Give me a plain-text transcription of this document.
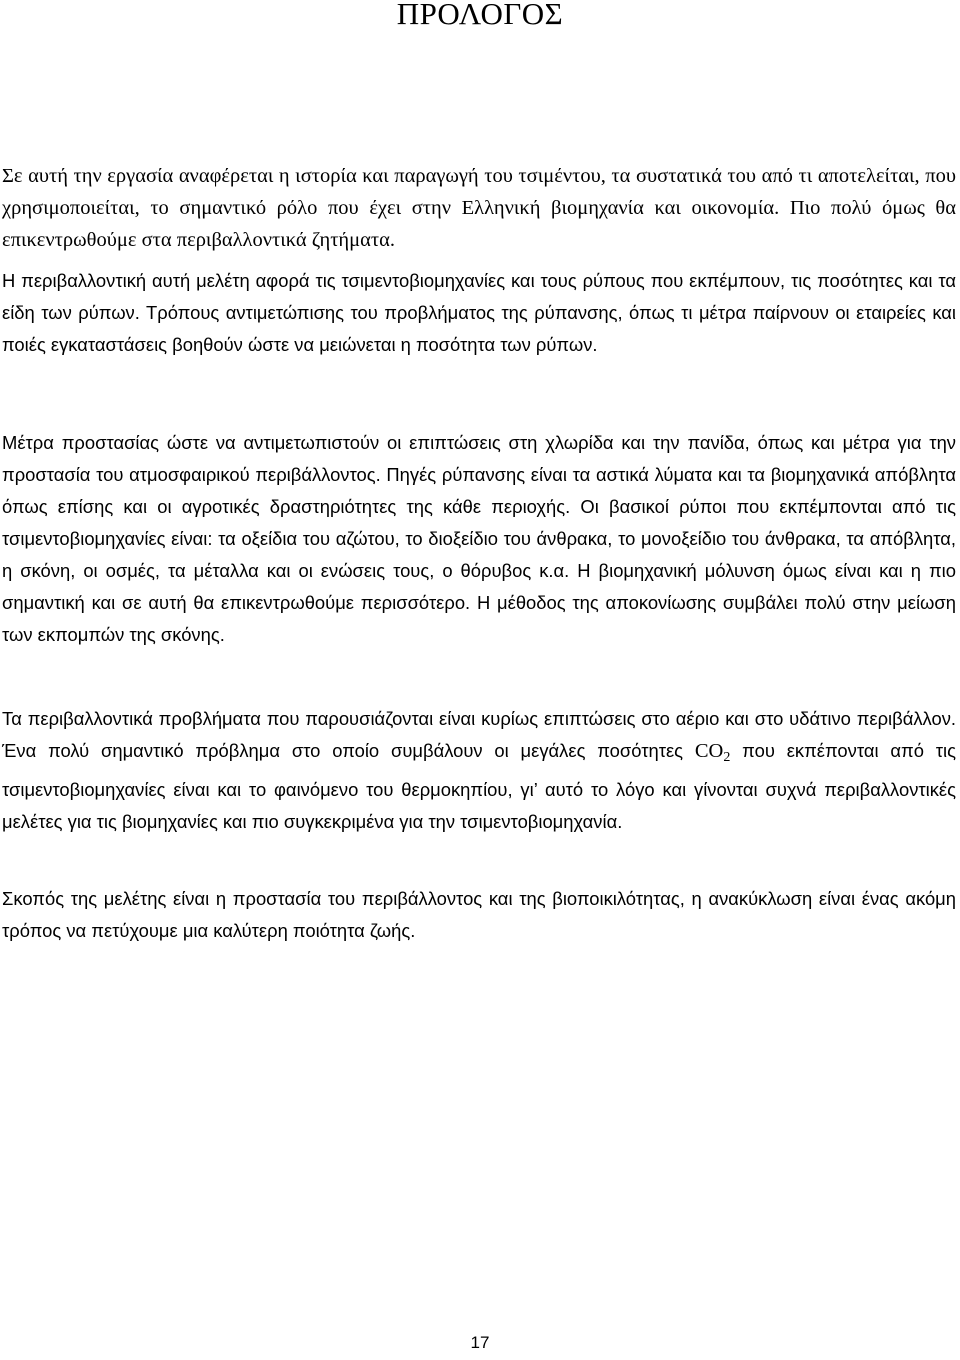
ΠΡΟΛΟΓΟΣ

Σε αυτή την εργασία αναφέρεται η ιστορία και παραγωγή του τσιμέντου, τα συστατικά του από τι αποτελείται, που χρησιμοποιείται, το σημαντικό ρόλο που έχει στην Ελληνική βιομηχανία και οικονομία. Πιο πολύ όμως θα επικεντρωθούμε στα περιβαλλοντικά ζητήματα.

Η περιβαλλοντική αυτή μελέτη αφορά τις τσιμεντοβιομηχανίες και τους ρύπους που εκπέμπουν, τις ποσότητες και τα είδη των ρύπων. Τρόπους αντιμετώπισης του προβλήματος της ρύπανσης, όπως τι μέτρα παίρνουν οι εταιρείες και ποιές εγκαταστάσεις βοηθούν ώστε να μειώνεται η ποσότητα των ρύπων.

Μέτρα προστασίας ώστε να αντιμετωπιστούν οι επιπτώσεις στη χλωρίδα και την πανίδα, όπως και μέτρα για την προστασία του ατμοσφαιρικού περιβάλλοντος. Πηγές ρύπανσης είναι τα αστικά λύματα και τα βιομηχανικά απόβλητα όπως επίσης και οι αγροτικές δραστηριότητες της κάθε περιοχής. Οι βασικοί ρύποι που εκπέμπονται από τις τσιμεντοβιομηχανίες είναι: τα οξείδια του αζώτου, το διοξείδιο του άνθρακα, το μονοξείδιο του άνθρακα, τα απόβλητα, η σκόνη, οι οσμές, τα μέταλλα και οι ενώσεις τους, ο θόρυβος κ.α. Η βιομηχανική μόλυνση όμως είναι και η πιο σημαντική και σε αυτή θα επικεντρωθούμε περισσότερο. Η μέθοδος της αποκονίωσης συμβάλει πολύ στην μείωση των εκπομπών της σκόνης.

Τα περιβαλλοντικά προβλήματα που παρουσιάζονται είναι κυρίως επιπτώσεις στο αέριο και στο υδάτινο περιβάλλον. Ένα πολύ σημαντικό πρόβλημα στο οποίο συμβάλουν οι μεγάλες ποσότητες $CO_2$ που εκπέπονται από τις τσιμεντοβιομηχανίες είναι και το φαινόμενο του θερμοκηπίου, γι’ αυτό το λόγο και γίνονται συχνά περιβαλλοντικές μελέτες για τις βιομηχανίες και πιο συγκεκριμένα για την τσιμεντοβιομηχανία.

Σκοπός της μελέτης είναι η προστασία του περιβάλλοντος και της βιοποικιλότητας, η ανακύκλωση είναι ένας ακόμη τρόπος να πετύχουμε μια καλύτερη ποιότητα ζωής.

17
